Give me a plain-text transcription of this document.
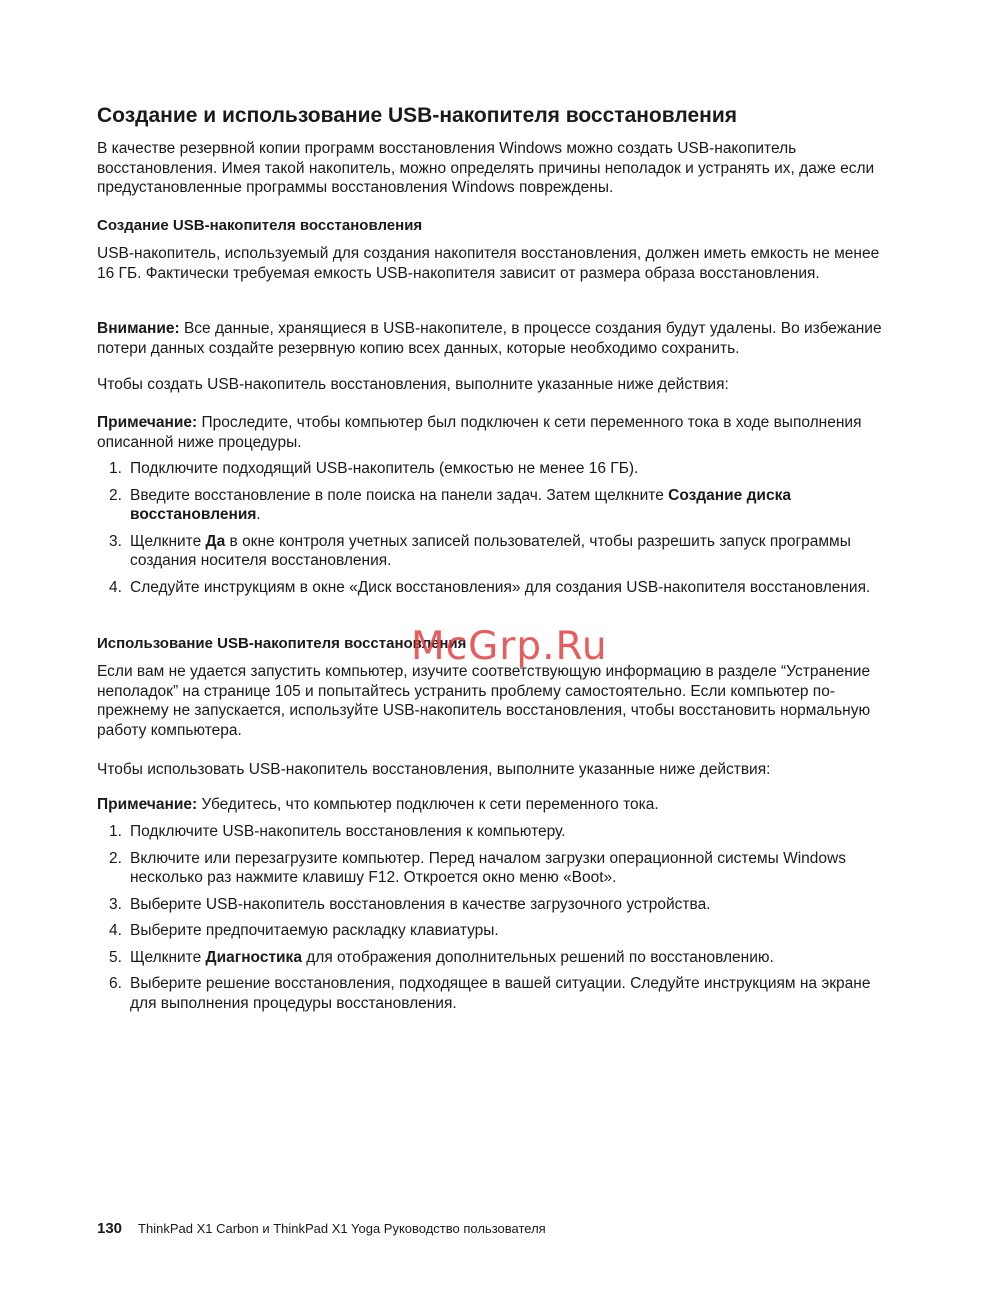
Создание и использование USB-накопителя восстановления

В качестве резервной копии программ восстановления Windows можно создать USB-накопитель восстановления. Имея такой накопитель, можно определять причины неполадок и устранять их, даже если предустановленные программы восстановления Windows повреждены.

Создание USB-накопителя восстановления

USB-накопитель, используемый для создания накопителя восстановления, должен иметь емкость не менее 16 ГБ. Фактически требуемая емкость USB-накопителя зависит от размера образа восстановления.

Внимание: Все данные, хранящиеся в USB-накопителе, в процессе создания будут удалены. Во избежание потери данных создайте резервную копию всех данных, которые необходимо сохранить.

Чтобы создать USB-накопитель восстановления, выполните указанные ниже действия:

Примечание: Проследите, чтобы компьютер был подключен к сети переменного тока в ходе выполнения описанной ниже процедуры.

1. Подключите подходящий USB-накопитель (емкостью не менее 16 ГБ).
2. Введите восстановление в поле поиска на панели задач. Затем щелкните Создание диска восстановления.
3. Щелкните Да в окне контроля учетных записей пользователей, чтобы разрешить запуск программы создания носителя восстановления.
4. Следуйте инструкциям в окне «Диск восстановления» для создания USB-накопителя восстановления.
Использование USB-накопителя восстановления

Если вам не удается запустить компьютер, изучите соответствующую информацию в разделе “Устранение неполадок” на странице 105 и попытайтесь устранить проблему самостоятельно. Если компьютер по-прежнему не запускается, используйте USB-накопитель восстановления, чтобы восстановить нормальную работу компьютера.

Чтобы использовать USB-накопитель восстановления, выполните указанные ниже действия:

Примечание: Убедитесь, что компьютер подключен к сети переменного тока.

1. Подключите USB-накопитель восстановления к компьютеру.
2. Включите или перезагрузите компьютер. Перед началом загрузки операционной системы Windows несколько раз нажмите клавишу F12. Откроется окно меню «Boot».
3. Выберите USB-накопитель восстановления в качестве загрузочного устройства.
4. Выберите предпочитаемую раскладку клавиатуры.
5. Щелкните Диагностика для отображения дополнительных решений по восстановлению.
6. Выберите решение восстановления, подходящее в вашей ситуации. Следуйте инструкциям на экране для выполнения процедуры восстановления.
McGrp.Ru
130 ThinkPad X1 Carbon и ThinkPad X1 Yoga Руководство пользователя
